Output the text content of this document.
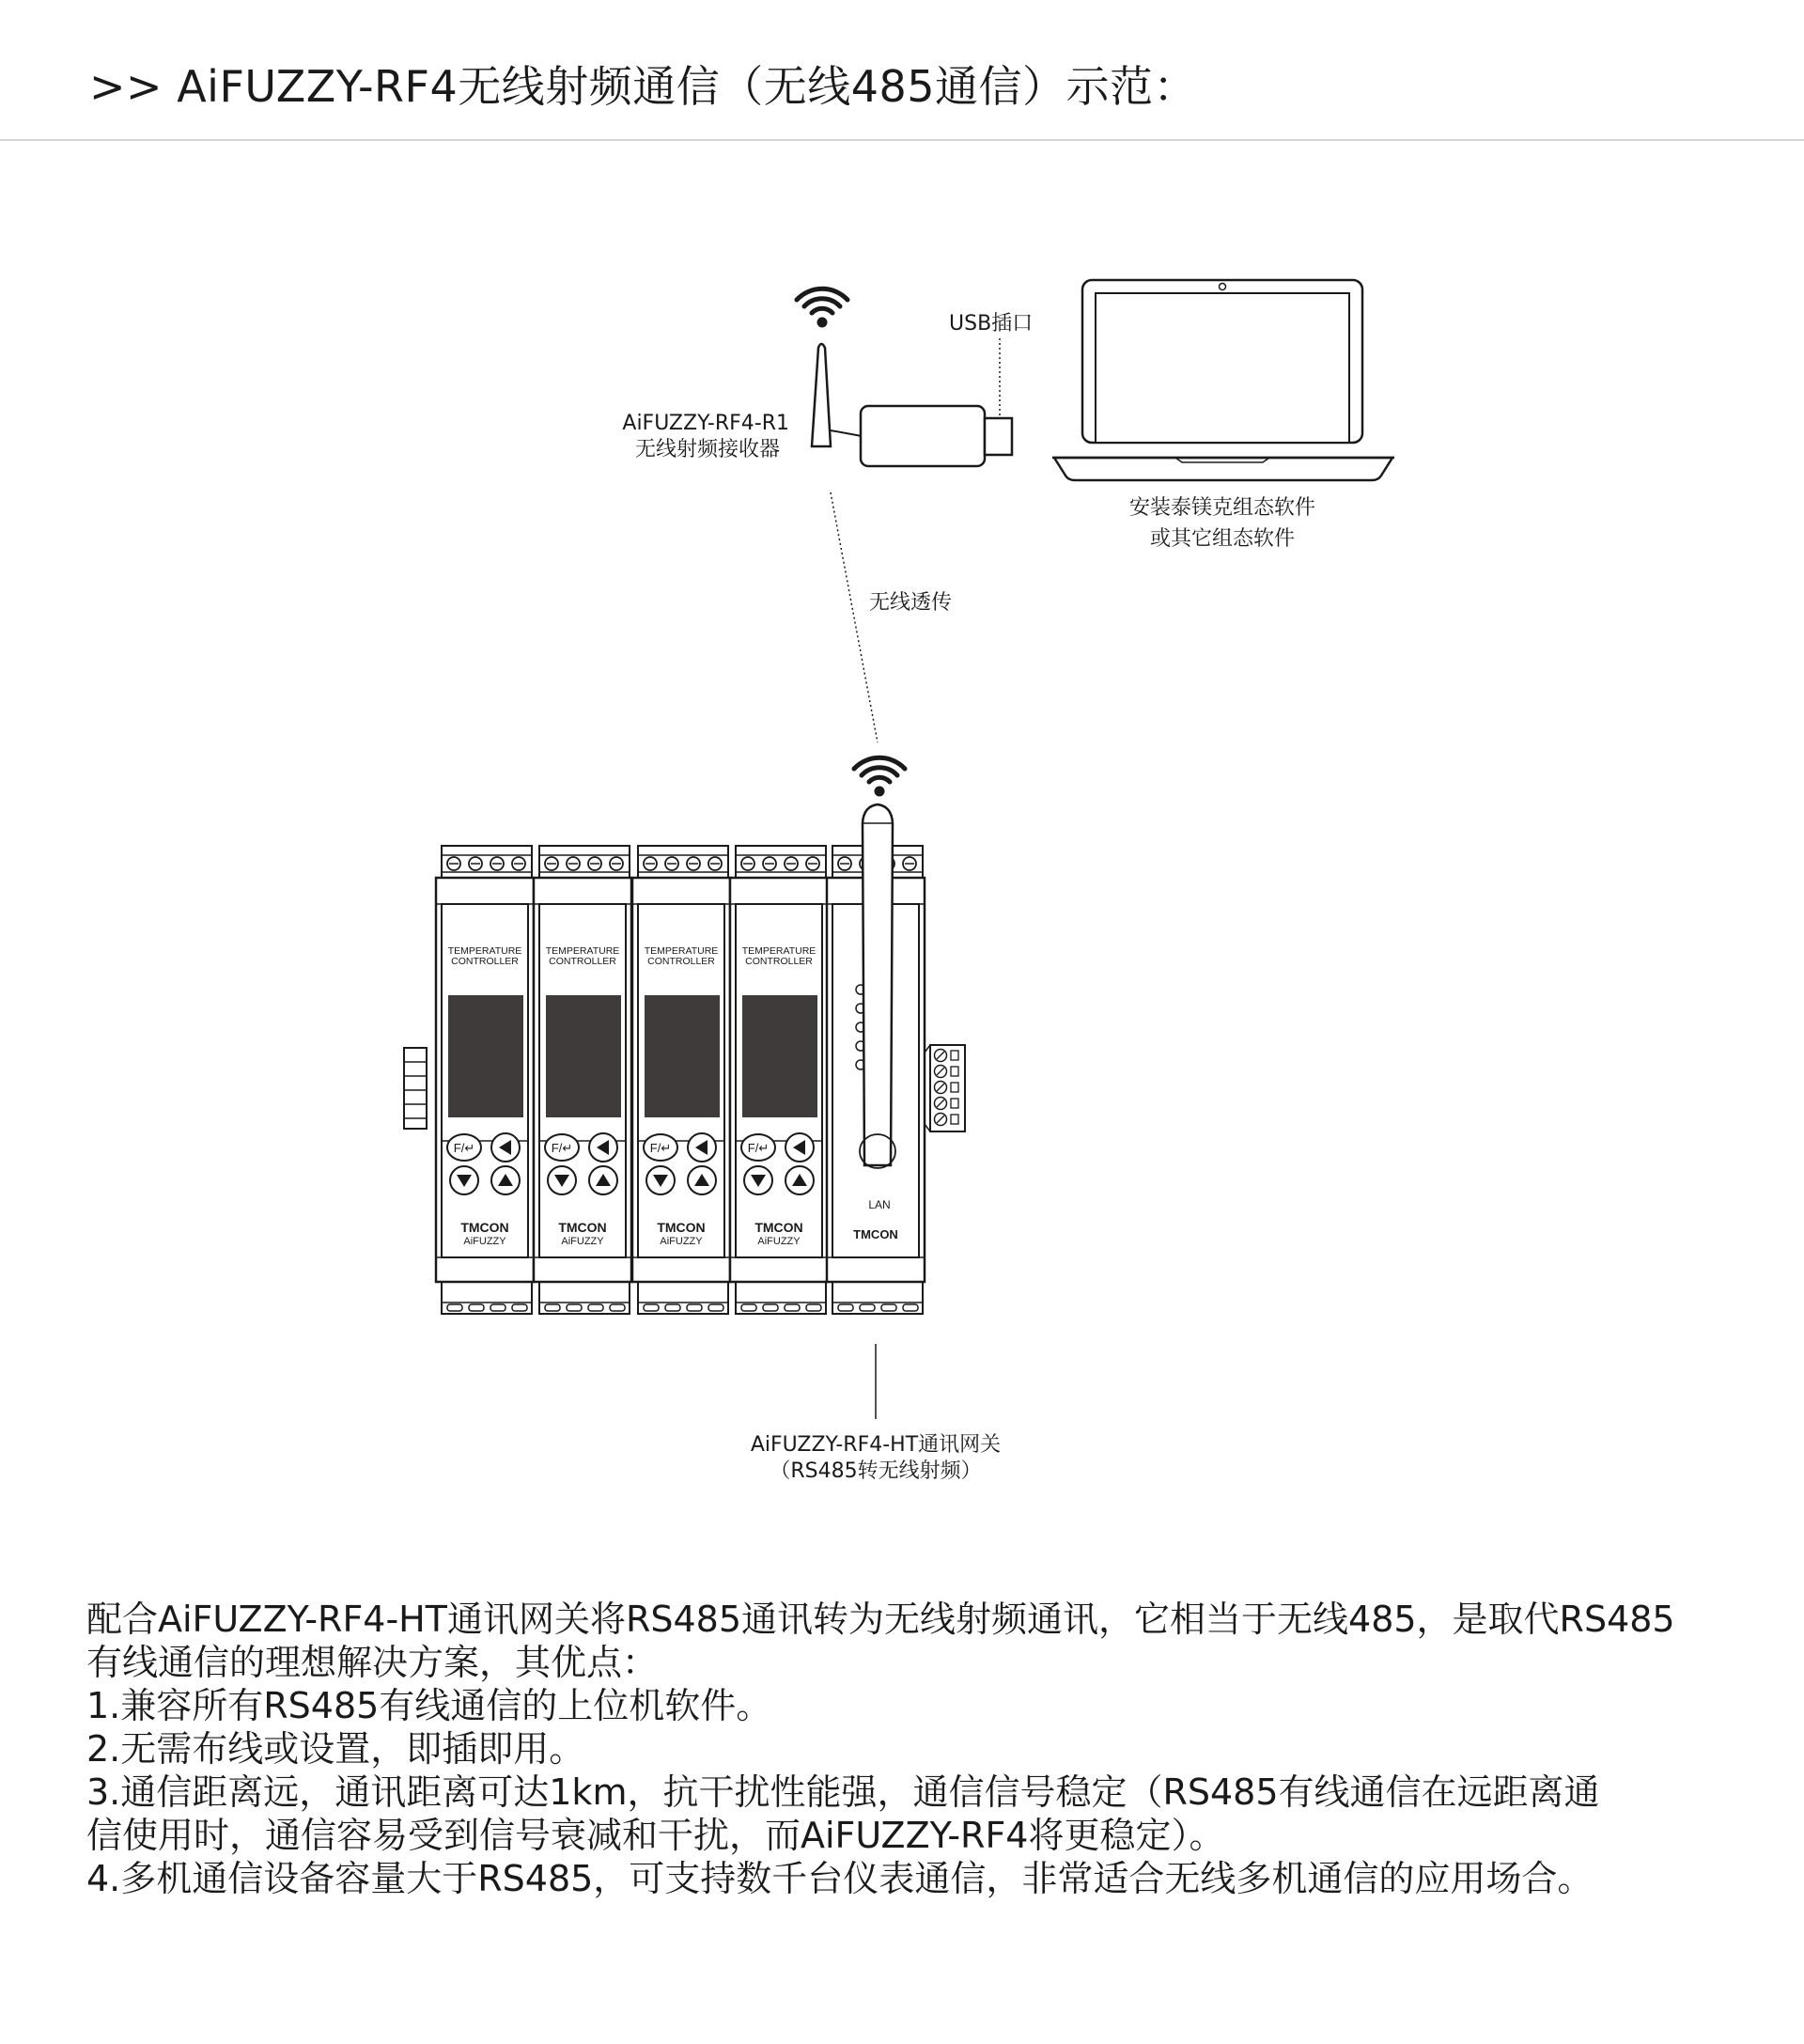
>> AiFUZZY-RF4无线射频通信（无线485通信）示范：
TEMPERATURE
CONTROLLER
TEMPERATURE
CONTROLLER
TEMPERATURE
CONTROLLER
TEMPERATURE
CONTROLLER
F/↵	F/↵	F/↵	F/↵
TMCON
AiFUZZY
TMCON
AiFUZZY
TMCON
AiFUZZY
TMCON
AiFUZZY
LAN
TMCON
USB插口
AiFUZZY-RF4-R1
无线射频接收器
安装泰镁克组态软件
或其它组态软件
无线透传
AiFUZZY-RF4-HT通讯网关
（RS485转无线射频）

配合AiFUZZY-RF4-HT通讯网关将RS485通讯转为无线射频通讯，它相当于无线485，是取代RS485

有线通信的理想解决方案，其优点：

1.兼容所有RS485有线通信的上位机软件。

2.无需布线或设置，即插即用。

3.通信距离远，通讯距离可达1km，抗干扰性能强，通信信号稳定（RS485有线通信在远距离通

信使用时，通信容易受到信号衰减和干扰，而AiFUZZY-RF4将更稳定）。

4.多机通信设备容量大于RS485，可支持数千台仪表通信，非常适合无线多机通信的应用场合。
